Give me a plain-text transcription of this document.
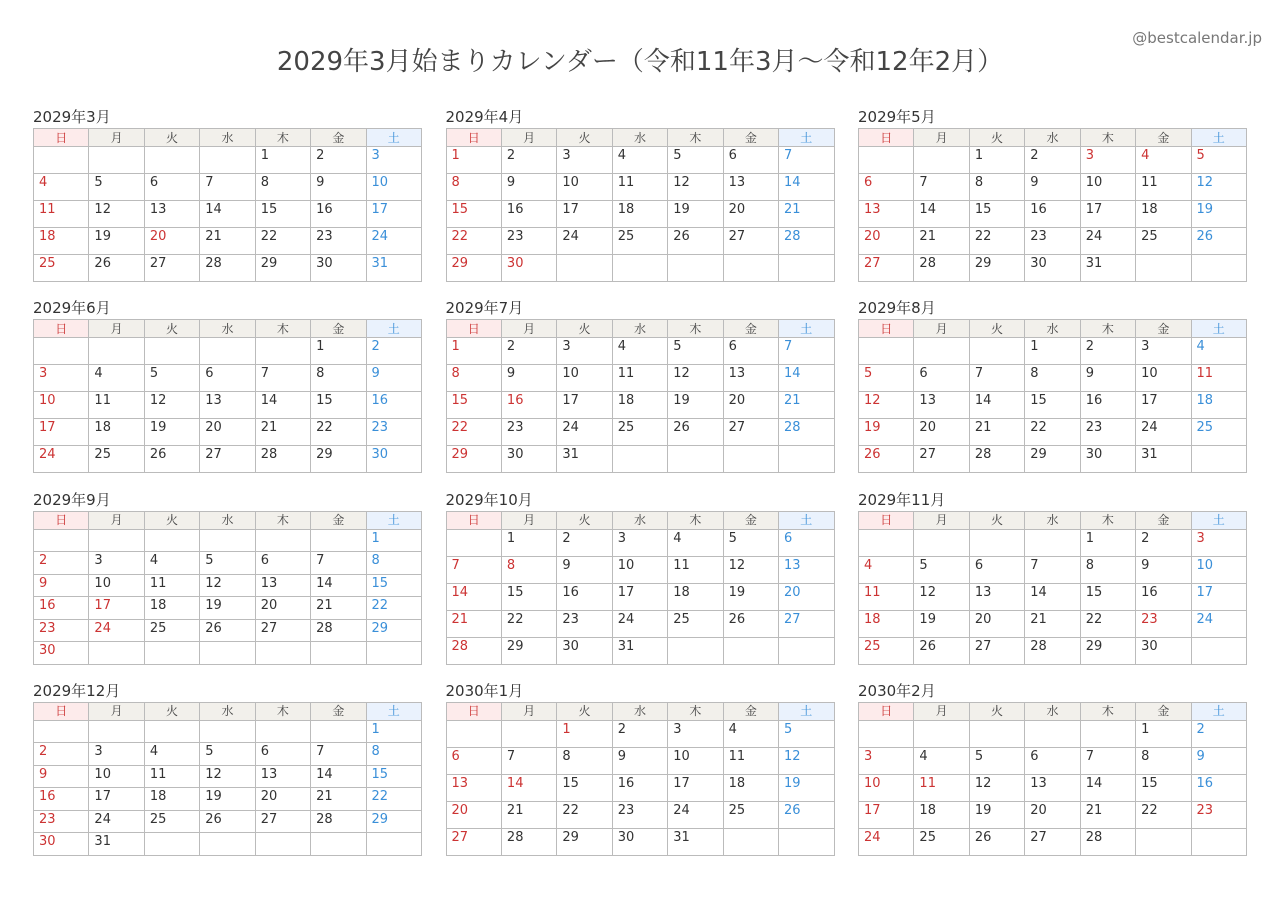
@bestcalendar.jp
2029年3月始まりカレンダー（令和11年3月〜令和12年2月）
2029年3月
日	月	火	水	木	金	土
				1	2	3
4	5	6	7	8	9	10
11	12	13	14	15	16	17
18	19	20	21	22	23	24
25	26	27	28	29	30	31
2029年4月
日	月	火	水	木	金	土
1	2	3	4	5	6	7
8	9	10	11	12	13	14
15	16	17	18	19	20	21
22	23	24	25	26	27	28
29	30					
2029年5月
日	月	火	水	木	金	土
		1	2	3	4	5
6	7	8	9	10	11	12
13	14	15	16	17	18	19
20	21	22	23	24	25	26
27	28	29	30	31		
2029年6月
日	月	火	水	木	金	土
					1	2
3	4	5	6	7	8	9
10	11	12	13	14	15	16
17	18	19	20	21	22	23
24	25	26	27	28	29	30
2029年7月
日	月	火	水	木	金	土
1	2	3	4	5	6	7
8	9	10	11	12	13	14
15	16	17	18	19	20	21
22	23	24	25	26	27	28
29	30	31				
2029年8月
日	月	火	水	木	金	土
			1	2	3	4
5	6	7	8	9	10	11
12	13	14	15	16	17	18
19	20	21	22	23	24	25
26	27	28	29	30	31	
2029年9月
日	月	火	水	木	金	土
						1
2	3	4	5	6	7	8
9	10	11	12	13	14	15
16	17	18	19	20	21	22
23	24	25	26	27	28	29
30						
2029年10月
日	月	火	水	木	金	土
	1	2	3	4	5	6
7	8	9	10	11	12	13
14	15	16	17	18	19	20
21	22	23	24	25	26	27
28	29	30	31			
2029年11月
日	月	火	水	木	金	土
				1	2	3
4	5	6	7	8	9	10
11	12	13	14	15	16	17
18	19	20	21	22	23	24
25	26	27	28	29	30	
2029年12月
日	月	火	水	木	金	土
						1
2	3	4	5	6	7	8
9	10	11	12	13	14	15
16	17	18	19	20	21	22
23	24	25	26	27	28	29
30	31					
2030年1月
日	月	火	水	木	金	土
		1	2	3	4	5
6	7	8	9	10	11	12
13	14	15	16	17	18	19
20	21	22	23	24	25	26
27	28	29	30	31		
2030年2月
日	月	火	水	木	金	土
					1	2
3	4	5	6	7	8	9
10	11	12	13	14	15	16
17	18	19	20	21	22	23
24	25	26	27	28		
